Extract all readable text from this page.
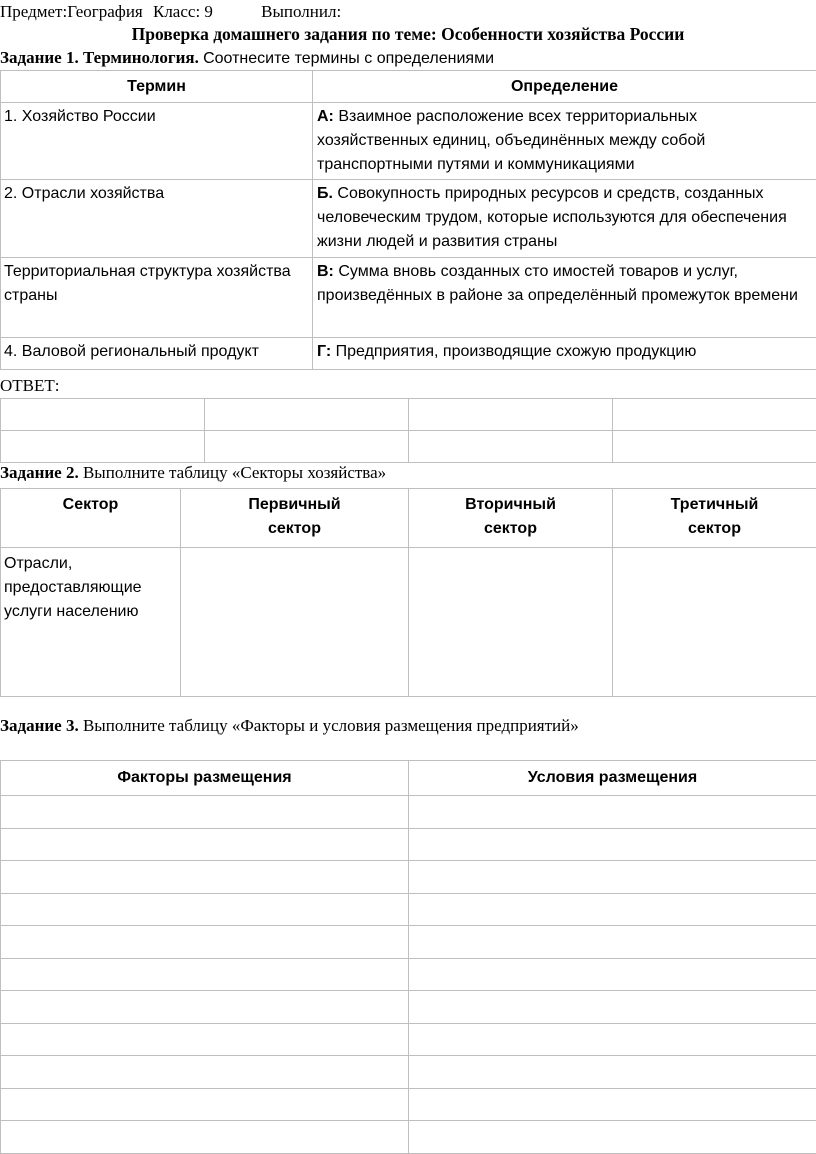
Предмет:География Класс: 9	Выполнил:
Проверка домашнего задания по теме: Особенности хозяйства России
Задание 1. Терминология. Соотнесите термины с определениями
Термин	Определение
1. Хозяйство России	А: Взаимное расположение всех территориальных хозяйственных единиц, объединённых между собой транспортными путями и коммуникациями
2. Отрасли хозяйства	Б. Совокупность природных ресурсов и средств, созданных человеческим трудом, которые используются для обеспечения жизни людей и развития страны
Территориальная структура хозяйства страны	В: Сумма вновь созданных сто имостей товаров и услуг, произведённых в районе за определённый промежуток времени
4. Валовой региональный продукт	Г: Предприятия, производящие схожую продукцию
ОТВЕТ:

Задание 2. Выполните таблицу «Секторы хозяйства»
Сектор	Первичный сектор	Вторичный сектор	Третичный сектор

Отрасли, предоставляющие услуги населению			
Задание 3. Выполните таблицу «Факторы и условия размещения предприятий»
Факторы размещения	Условия размещения
